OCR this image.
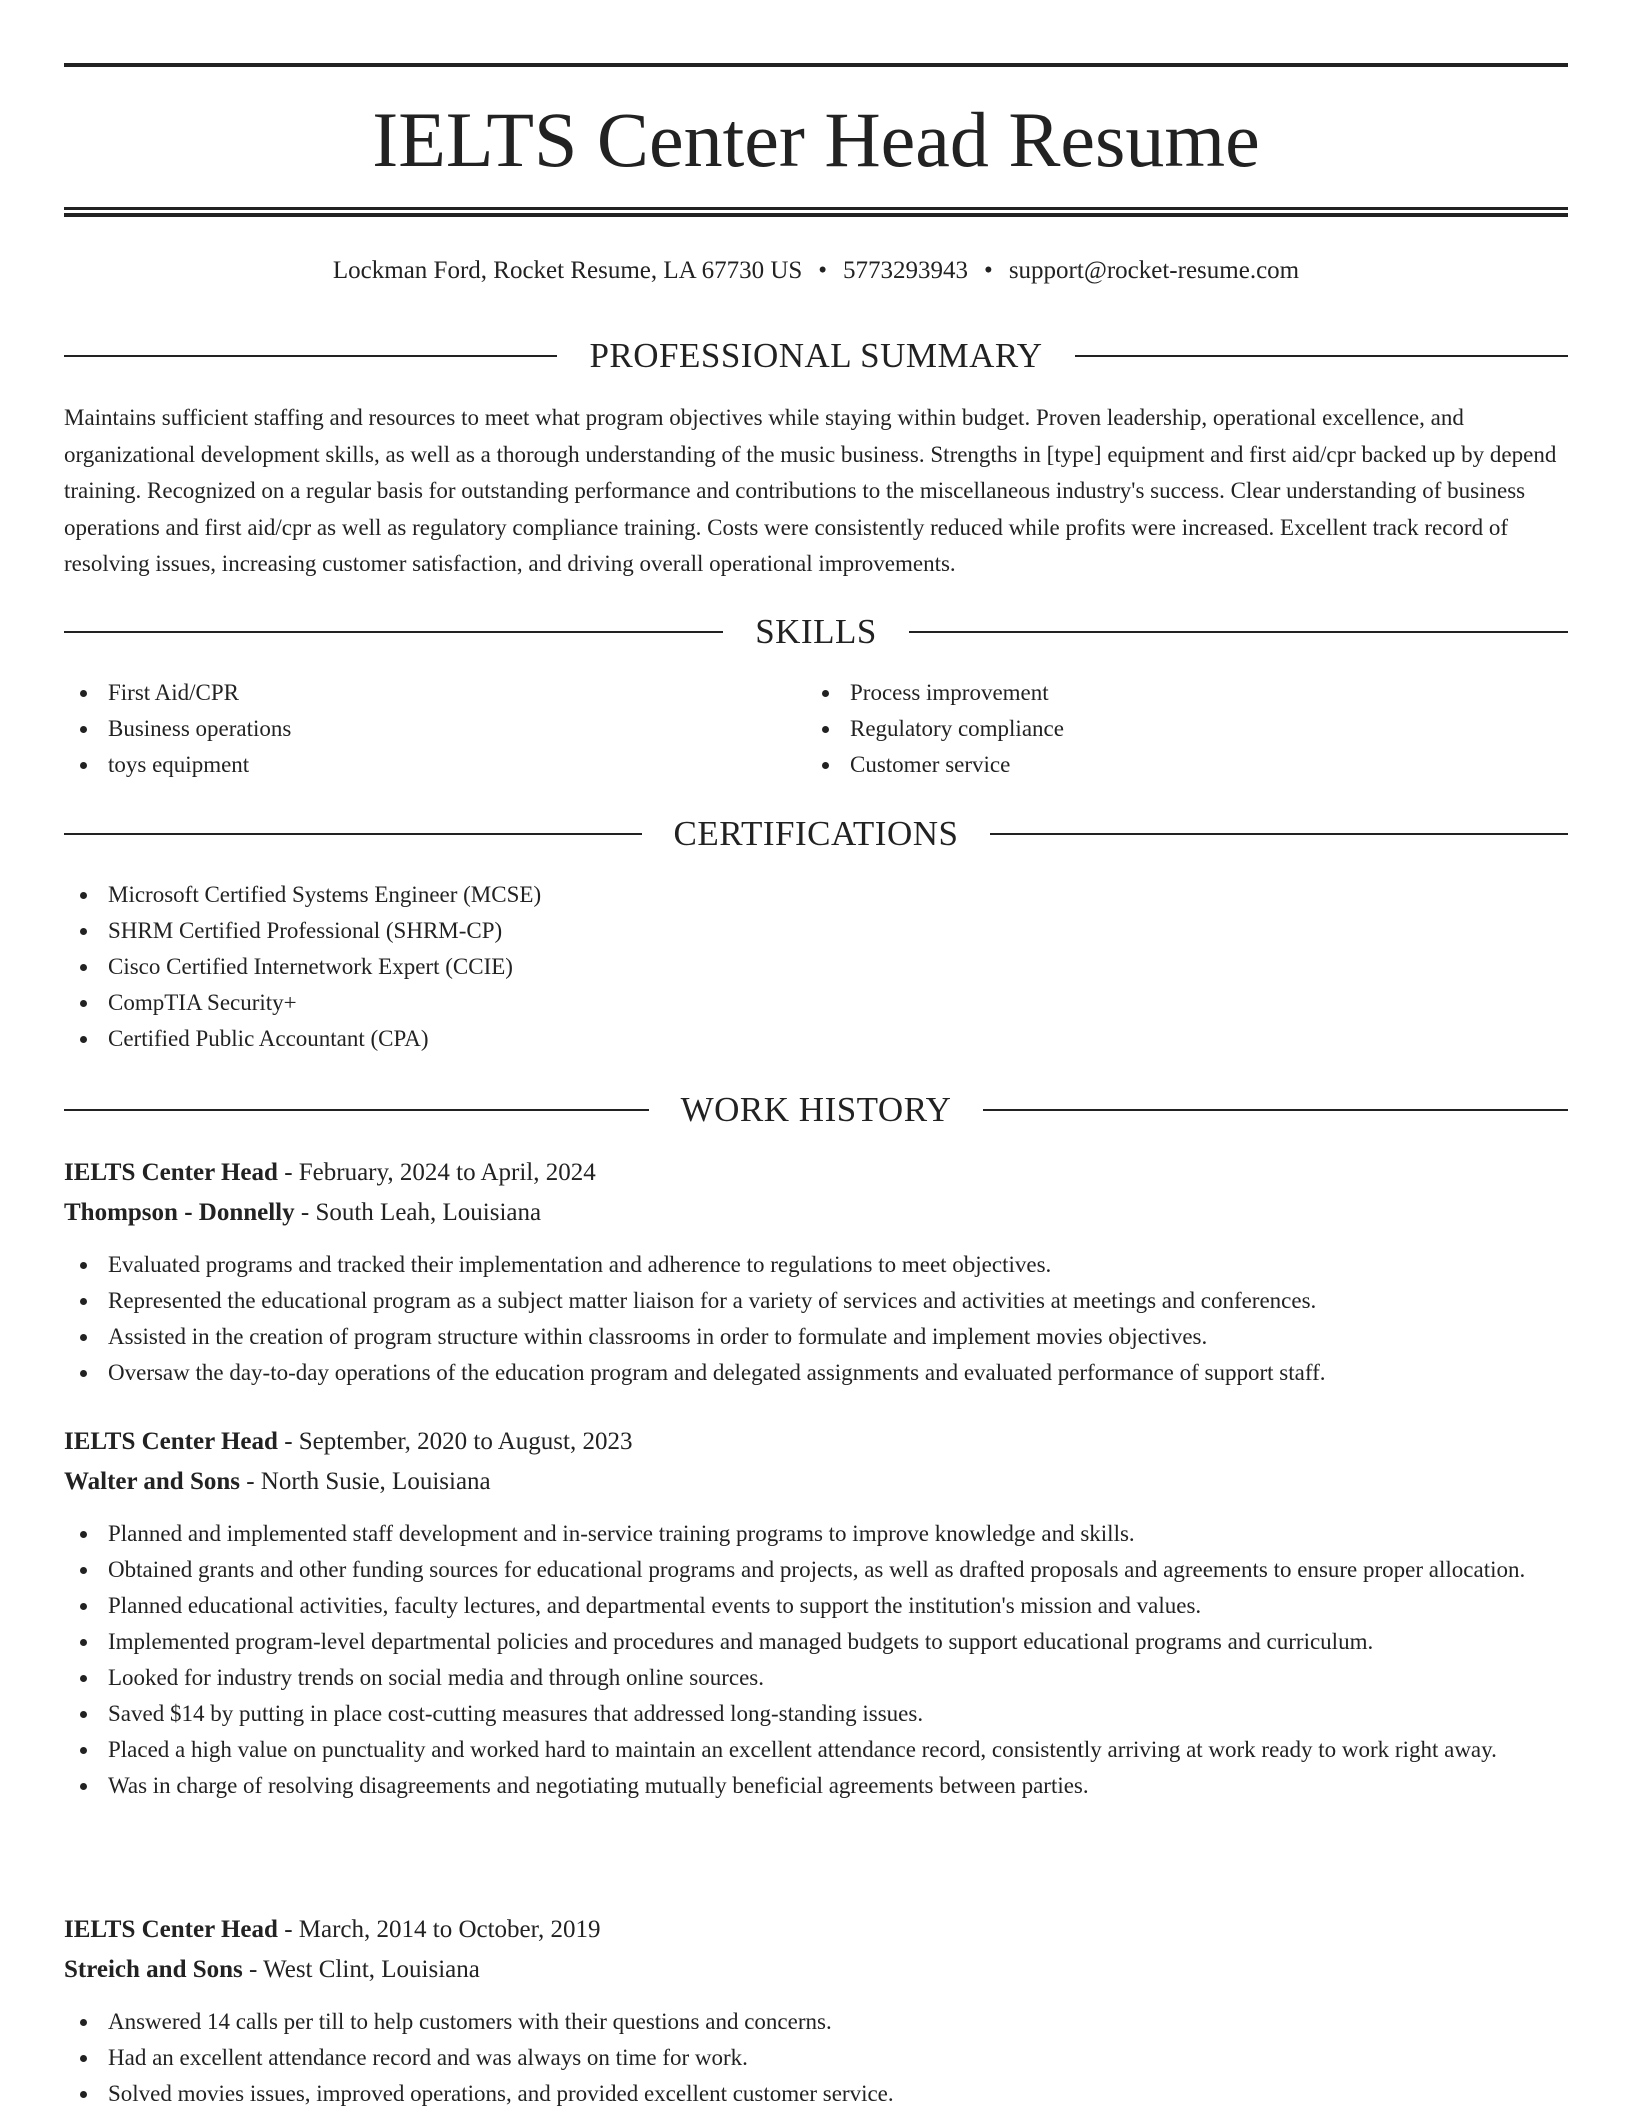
IELTS Center Head Resume
Lockman Ford, Rocket Resume, LA 67730 US • 5773293943 • support@rocket-resume.com
PROFESSIONAL SUMMARY

Maintains sufficient staffing and resources to meet what program objectives while staying within budget. Proven leadership, operational excellence, and organizational development skills, as well as a thorough understanding of the music business. Strengths in [type] equipment and first aid/cpr backed up by depend training. Recognized on a regular basis for outstanding performance and contributions to the miscellaneous industry's success. Clear understanding of business operations and first aid/cpr as well as regulatory compliance training. Costs were consistently reduced while profits were increased. Excellent track record of resolving issues, increasing customer satisfaction, and driving overall operational improvements.

SKILLS
First Aid/CPR
Business operations
toys equipment
Process improvement
Regulatory compliance
Customer service
CERTIFICATIONS
Microsoft Certified Systems Engineer (MCSE)
SHRM Certified Professional (SHRM-CP)
Cisco Certified Internetwork Expert (CCIE)
CompTIA Security+
Certified Public Accountant (CPA)
WORK HISTORY

IELTS Center Head - February, 2024 to April, 2024

Thompson - Donnelly - South Leah, Louisiana

Evaluated programs and tracked their implementation and adherence to regulations to meet objectives.
Represented the educational program as a subject matter liaison for a variety of services and activities at meetings and conferences.
Assisted in the creation of program structure within classrooms in order to formulate and implement movies objectives.
Oversaw the day-to-day operations of the education program and delegated assignments and evaluated performance of support staff.

IELTS Center Head - September, 2020 to August, 2023

Walter and Sons - North Susie, Louisiana

Planned and implemented staff development and in-service training programs to improve knowledge and skills.
Obtained grants and other funding sources for educational programs and projects, as well as drafted proposals and agreements to ensure proper allocation.
Planned educational activities, faculty lectures, and departmental events to support the institution's mission and values.
Implemented program-level departmental policies and procedures and managed budgets to support educational programs and curriculum.
Looked for industry trends on social media and through online sources.
Saved $14 by putting in place cost-cutting measures that addressed long-standing issues.
Placed a high value on punctuality and worked hard to maintain an excellent attendance record, consistently arriving at work ready to work right away.
Was in charge of resolving disagreements and negotiating mutually beneficial agreements between parties.

IELTS Center Head - March, 2014 to October, 2019

Streich and Sons - West Clint, Louisiana

Answered 14 calls per till to help customers with their questions and concerns.
Had an excellent attendance record and was always on time for work.
Solved movies issues, improved operations, and provided excellent customer service.
